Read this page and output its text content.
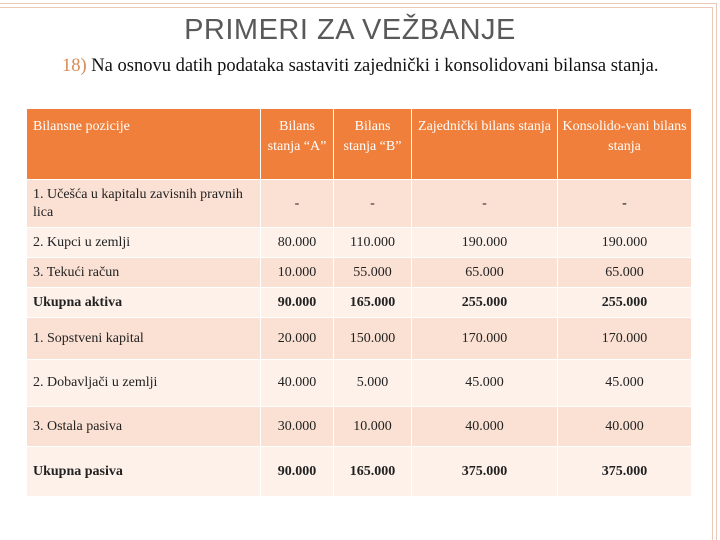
PRIMERI ZA VEŽBANJE
18) Na osnovu datih podataka sastaviti zajednički i konsolidovani bilansa stanja.
Bilansne pozicije	Bilans stanja “A”	Bilans stanja “B”	Zajednički bilans stanja	Konsolido-vani bilans stanja
1. Učešća u kapitalu zavisnih pravnih lica	-	-	-	-
2. Kupci u zemlji	80.000	110.000	190.000	190.000
3. Tekući račun	10.000	55.000	65.000	65.000
Ukupna aktiva	90.000	165.000	255.000	255.000
1. Sopstveni kapital	20.000	150.000	170.000	170.000
2. Dobavljači u zemlji	40.000	5.000	45.000	45.000
3. Ostala pasiva	30.000	10.000	40.000	40.000
Ukupna pasiva	90.000	165.000	375.000	375.000
